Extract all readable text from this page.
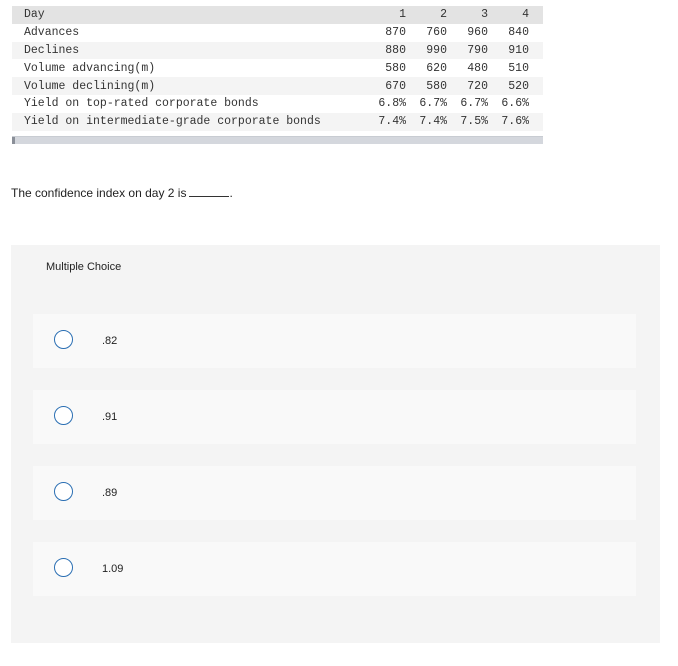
Day	1	2	3	4
Advances	870	760	960	840
Declines	880	990	790	910
Volume advancing(m)	580	620	480	510
Volume declining(m)	670	580	720	520
Yield on top-rated corporate bonds	6.8%	6.7%	6.7%	6.6%
Yield on intermediate-grade corporate bonds	7.4%	7.4%	7.5%	7.6%
The confidence index on day 2 is	.
Multiple Choice
.82
.91
.89
1.09
